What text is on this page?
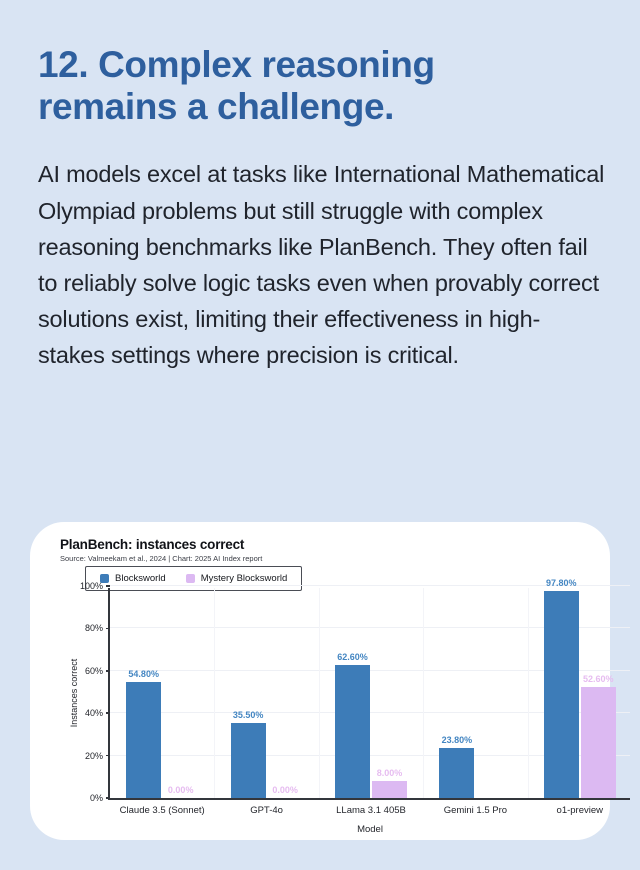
12. Complex reasoning remains a challenge.

AI models excel at tasks like International Mathematical Olympiad problems but still struggle with complex reasoning benchmarks like PlanBench. They often fail to reliably solve logic tasks even when provably correct solutions exist, limiting their effectiveness in high-stakes settings where precision is critical.

PlanBench: instances correct
Source: Valmeekam et al., 2024 | Chart: 2025 AI Index report
Blocksworld	Mystery Blocksworld
Instances correct
Model
0%
20%
40%
60%
80%
100%
54.80%
0.00%
Claude 3.5 (Sonnet)
35.50%
0.00%
GPT-4o
62.60%
8.00%
LLama 3.1 405B
23.80%
Gemini 1.5 Pro
97.80%
52.60%
o1-preview
